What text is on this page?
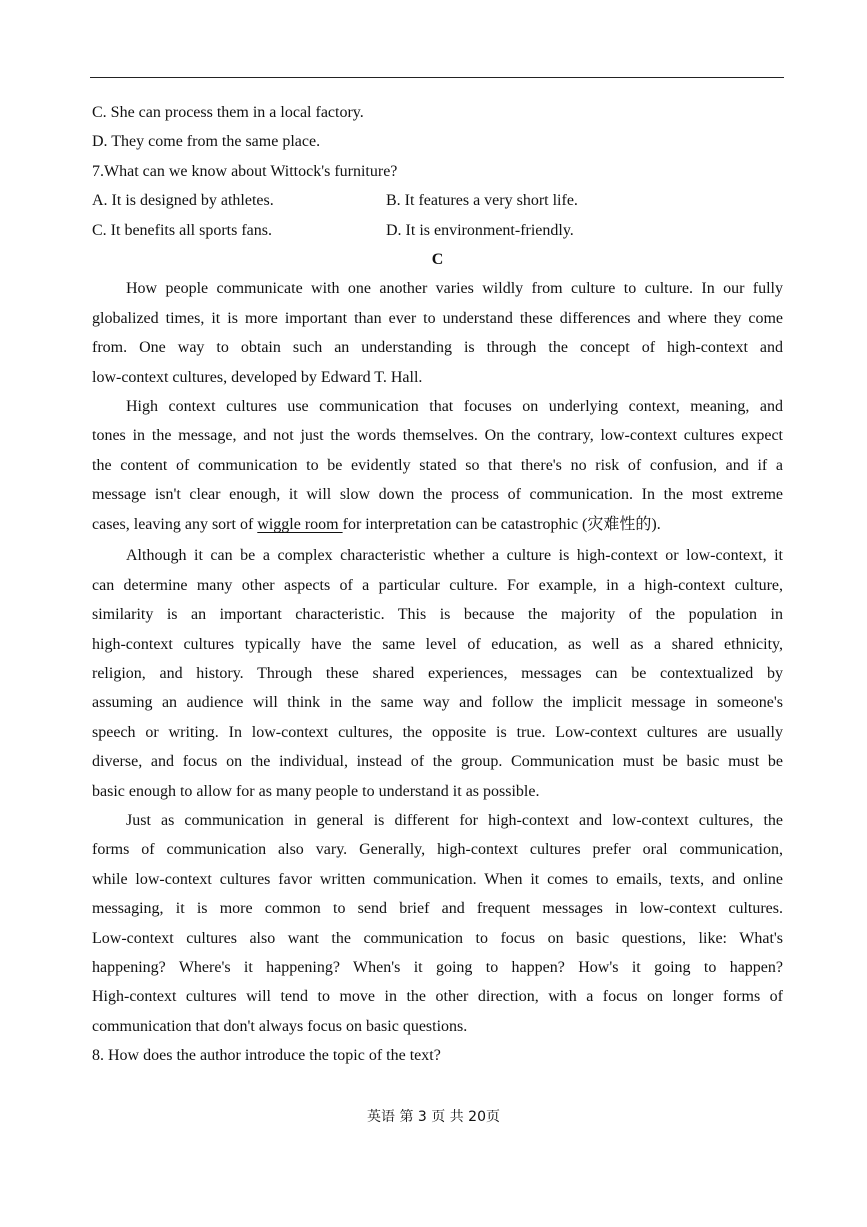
C. She can process them in a local factory.
D. They come from the same place.
7.What can we know about Wittock's furniture?
A. It is designed by athletes.	B. It features a very short life.
C. It benefits all sports fans.	D. It is environment-friendly.
C
How people communicate with one another varies wildly from culture to culture. In our fully
globalized times, it is more important than ever to understand these differences and where they come
from. One way to obtain such an understanding is through the concept of high-context and
low-context cultures, developed by Edward T. Hall.
High context cultures use communication that focuses on underlying context, meaning, and
tones in the message, and not just the words themselves. On the contrary, low-context cultures expect
the content of communication to be evidently stated so that there's no risk of confusion, and if a
message isn't clear enough, it will slow down the process of communication. In the most extreme
cases, leaving any sort of wiggle room for interpretation can be catastrophic (灾难性的).
Although it can be a complex characteristic whether a culture is high-context or low-context, it
can determine many other aspects of a particular culture. For example, in a high-context culture,
similarity is an important characteristic. This is because the majority of the population in
high-context cultures typically have the same level of education, as well as a shared ethnicity,
religion, and history. Through these shared experiences, messages can be contextualized by
assuming an audience will think in the same way and follow the implicit message in someone's
speech or writing. In low-context cultures, the opposite is true. Low-context cultures are usually
diverse, and focus on the individual, instead of the group. Communication must be basic must be
basic enough to allow for as many people to understand it as possible.
Just as communication in general is different for high-context and low-context cultures, the
forms of communication also vary. Generally, high-context cultures prefer oral communication,
while low-context cultures favor written communication. When it comes to emails, texts, and online
messaging, it is more common to send brief and frequent messages in low-context cultures.
Low-context cultures also want the communication to focus on basic questions, like: What's
happening? Where's it happening? When's it going to happen? How's it going to happen?
High-context cultures will tend to move in the other direction, with a focus on longer forms of
communication that don't always focus on basic questions.
8. How does the author introduce the topic of the text?
英语 第 3 页 共 20页
